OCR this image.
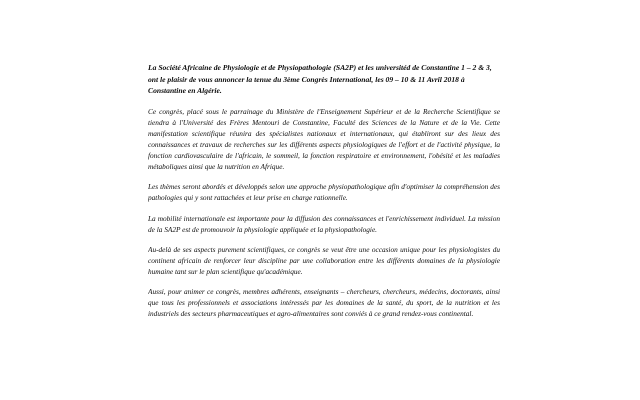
La Société Africaine de Physiologie et de Physiopathologie (SA2P) et les universitéd de Constantine 1 – 2 & 3, ont le plaisir de vous annoncer la tenue du 3ème Congrès International, les 09 – 10 & 11 Avril 2018 à Constantine en Algérie.

Ce congrès, placé sous le parrainage du Ministère de l'Enseignement Supérieur et de la Recherche Scientifique se tiendra à l'Université des Frères Mentouri de Constantine, Faculté des Sciences de la Nature et de la Vie. Cette manifestation scientifique réunira des spécialistes nationaux et internationaux, qui établiront sur des lieux des connaissances et travaux de recherches sur les différents aspects physiologiques de l'effort et de l'activité physique, la fonction cardiovasculaire de l'africain, le sommeil, la fonction respiratoire et environnement, l'obésité et les maladies métaboliques ainsi que la nutrition en Afrique.

Les thèmes seront abordés et développés selon une approche physiopathologique afin d'optimiser la compréhension des pathologies qui y sont rattachées et leur prise en charge rationnelle.

La mobilité internationale est importante pour la diffusion des connaissances et l'enrichissement individuel. La mission de la SA2P est de promouvoir la physiologie appliquée et la physiopathologie.

Au-delà de ses aspects purement scientifiques, ce congrès se veut être une occasion unique pour les physiologistes du continent africain de renforcer leur discipline par une collaboration entre les différents domaines de la physiologie humaine tant sur le plan scientifique qu'académique.

Aussi, pour animer ce congrès, membres adhérents, enseignants – chercheurs, chercheurs, médecins, doctorants, ainsi que tous les professionnels et associations intéressés par les domaines de la santé, du sport, de la nutrition et les industriels des secteurs pharmaceutiques et agro-alimentaires sont conviés à ce grand rendez-vous continental.
